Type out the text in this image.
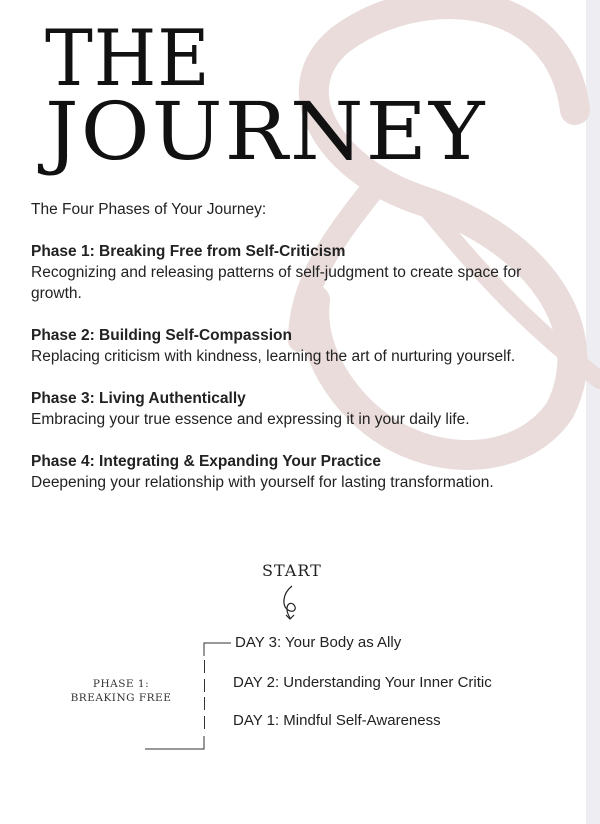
THE
JOURNEY

The Four Phases of Your Journey:

Phase 1: Breaking Free from Self-Criticism
Recognizing and releasing patterns of self-judgment to create space for growth.

Phase 2: Building Self-Compassion
Replacing criticism with kindness, learning the art of nurturing yourself.

Phase 3: Living Authentically
Embracing your true essence and expressing it in your daily life.

Phase 4: Integrating & Expanding Your Practice
Deepening your relationship with yourself for lasting transformation.

START
PHASE 1:
BREAKING FREE
DAY 3: Your Body as Ally
DAY 2: Understanding Your Inner Critic
DAY 1: Mindful Self-Awareness
